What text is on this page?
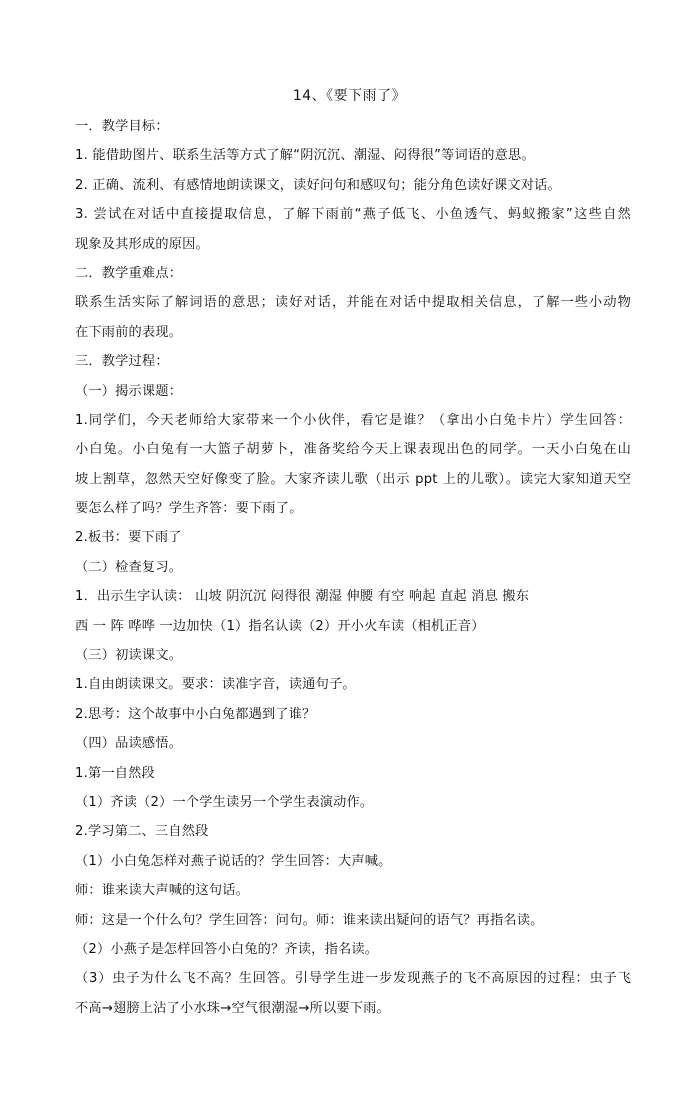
14、《要下雨了》
一．教学目标：
1. 能借助图片、联系生活等方式了解“阴沉沉、潮湿、闷得很”等词语的意思。
2. 正确、流利、有感情地朗读课文，读好问句和感叹句；能分角色读好课文对话。
3. 尝试在对话中直接提取信息，了解下雨前“燕子低飞、小鱼透气、蚂蚁搬家”这些自然
现象及其形成的原因。
二．教学重难点：
联系生活实际了解词语的意思；读好对话，并能在对话中提取相关信息，了解一些小动物
在下雨前的表现。
三．教学过程：
（一）揭示课题：
1.同学们，今天老师给大家带来一个小伙伴，看它是谁？（拿出小白兔卡片）学生回答：
小白兔。小白兔有一大篮子胡萝卜，准备奖给今天上课表现出色的同学。一天小白兔在山
坡上割草，忽然天空好像变了脸。大家齐读儿歌（出示 ppt 上的儿歌）。读完大家知道天空
要怎么样了吗？学生齐答：要下雨了。
2.板书：要下雨了
（二）检查复习。
1．出示生字认读： 山坡 阴沉沉 闷得很 潮湿 伸腰 有空 响起 直起 消息 搬东
西 一 阵 哗哗 一边加快（1）指名认读（2）开小火车读（相机正音）
（三）初读课文。
1.自由朗读课文。要求：读准字音，读通句子。
2.思考：这个故事中小白兔都遇到了谁？
（四）品读感悟。
1.第一自然段
（1）齐读（2）一个学生读另一个学生表演动作。
2.学习第二、三自然段
（1）小白兔怎样对燕子说话的？学生回答：大声喊。
师：谁来读大声喊的这句话。
师：这是一个什么句？学生回答：问句。师：谁来读出疑问的语气？再指名读。
（2）小燕子是怎样回答小白兔的？齐读，指名读。
（3）虫子为什么飞不高？生回答。引导学生进一步发现燕子的飞不高原因的过程：虫子飞
不高→翅膀上沾了小水珠→空气很潮湿→所以要下雨。
